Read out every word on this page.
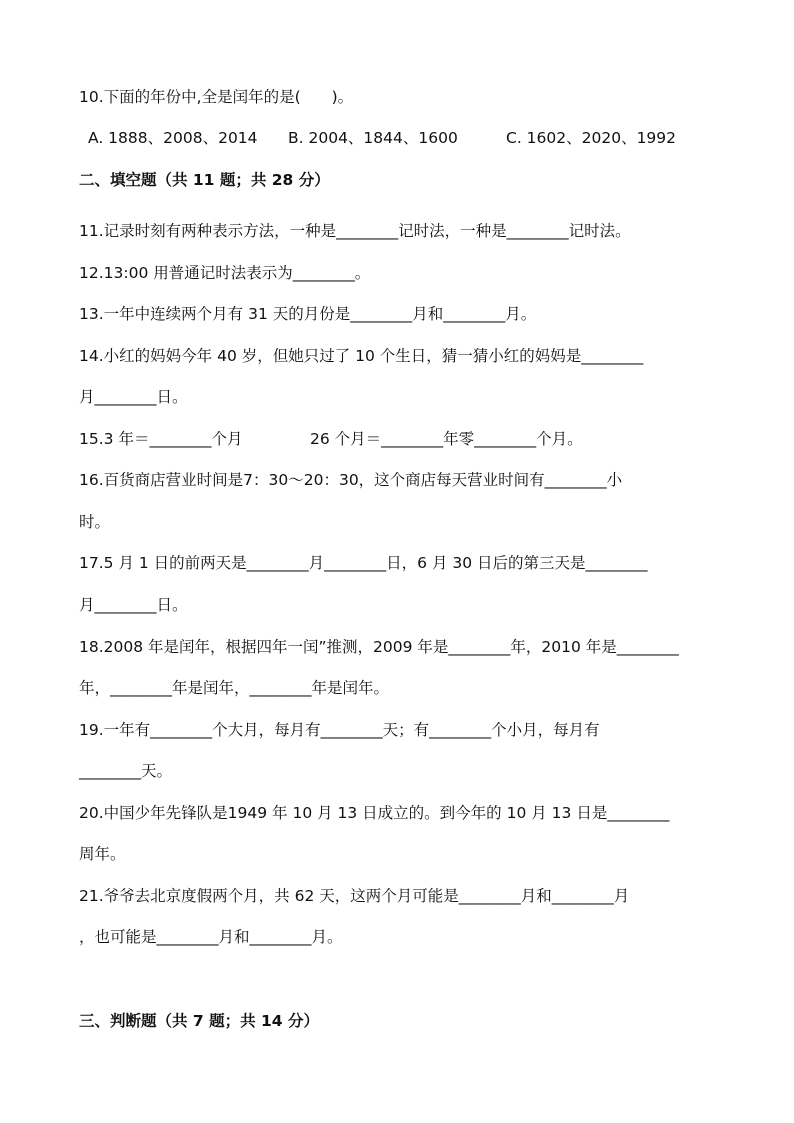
10.下面的年份中,全是闰年的是(　　)。
A. 1888、2008、2014 B. 2004、1844、1600	C. 1602、2020、1992
二、填空题（共 11 题；共 28 分）
11.记录时刻有两种表示方法，一种是________记时法，一种是________记时法。
12.13:00 用普通记时法表示为________。
13.一年中连续两个月有 31 天的月份是________月和________月。
14.小红的妈妈今年 40 岁，但她只过了 10 个生日，猜一猜小红的妈妈是________
月________日。
15.3 年＝________个月	26 个月＝________年零________个月。
16.百货商店营业时间是7：30～20：30，这个商店每天营业时间有________小
时。
17.5 月 1 日的前两天是________月________日，6 月 30 日后的第三天是________
月________日。
18.2008 年是闰年，根据四年一闰”推测，2009 年是________年，2010 年是________
年，________年是闰年，________年是闰年。
19.一年有________个大月，每月有________天；有________个小月，每月有
________天。
20.中国少年先锋队是1949 年 10 月 13 日成立的。到今年的 10 月 13 日是________
周年。
21.爷爷去北京度假两个月，共 62 天，这两个月可能是________月和________月
，也可能是________月和________月。
三、判断题（共 7 题；共 14 分）
